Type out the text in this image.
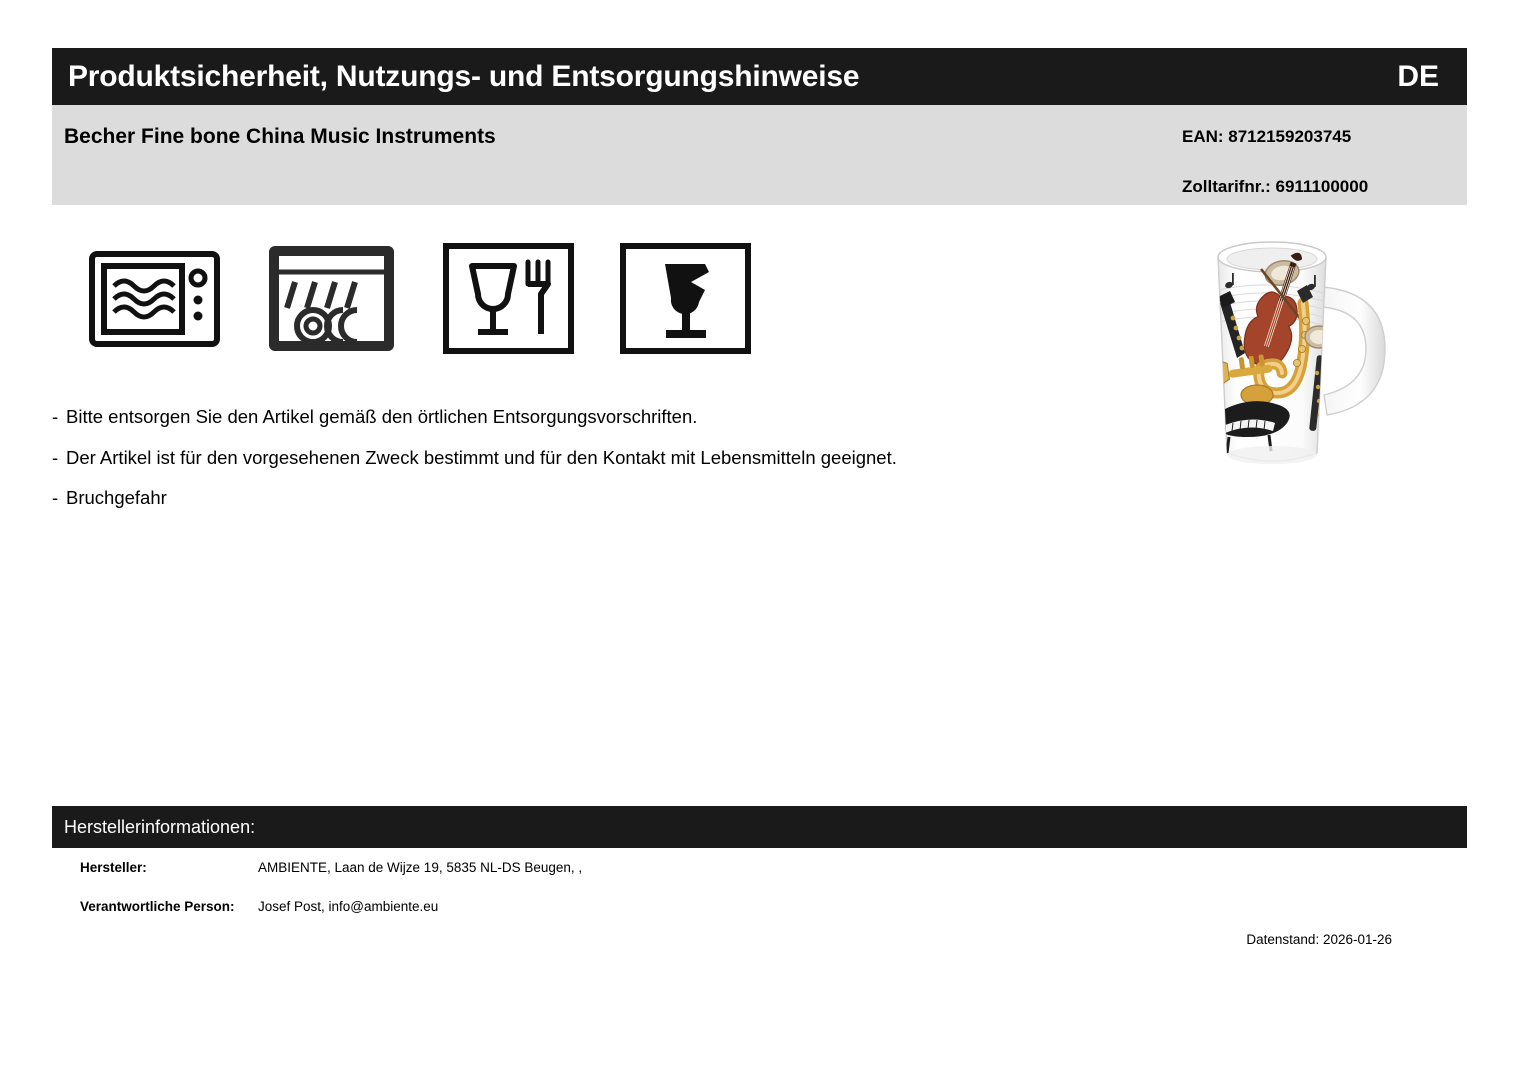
Produktsicherheit, Nutzungs- und Entsorgungshinweise	DE
Becher Fine bone China Music Instruments	EAN: 8712159203745
Zolltarifnr.: 6911100000
- Bitte entsorgen Sie den Artikel gemäß den örtlichen Entsorgungsvorschriften.
- Der Artikel ist für den vorgesehenen Zweck bestimmt und für den Kontakt mit Lebensmitteln geeignet.
- Bruchgefahr
Herstellerinformationen:
Hersteller:	AMBIENTE, Laan de Wijze 19, 5835 NL-DS Beugen, ,
Verantwortliche Person:	Josef Post, info@ambiente.eu
Datenstand: 2026-01-26
